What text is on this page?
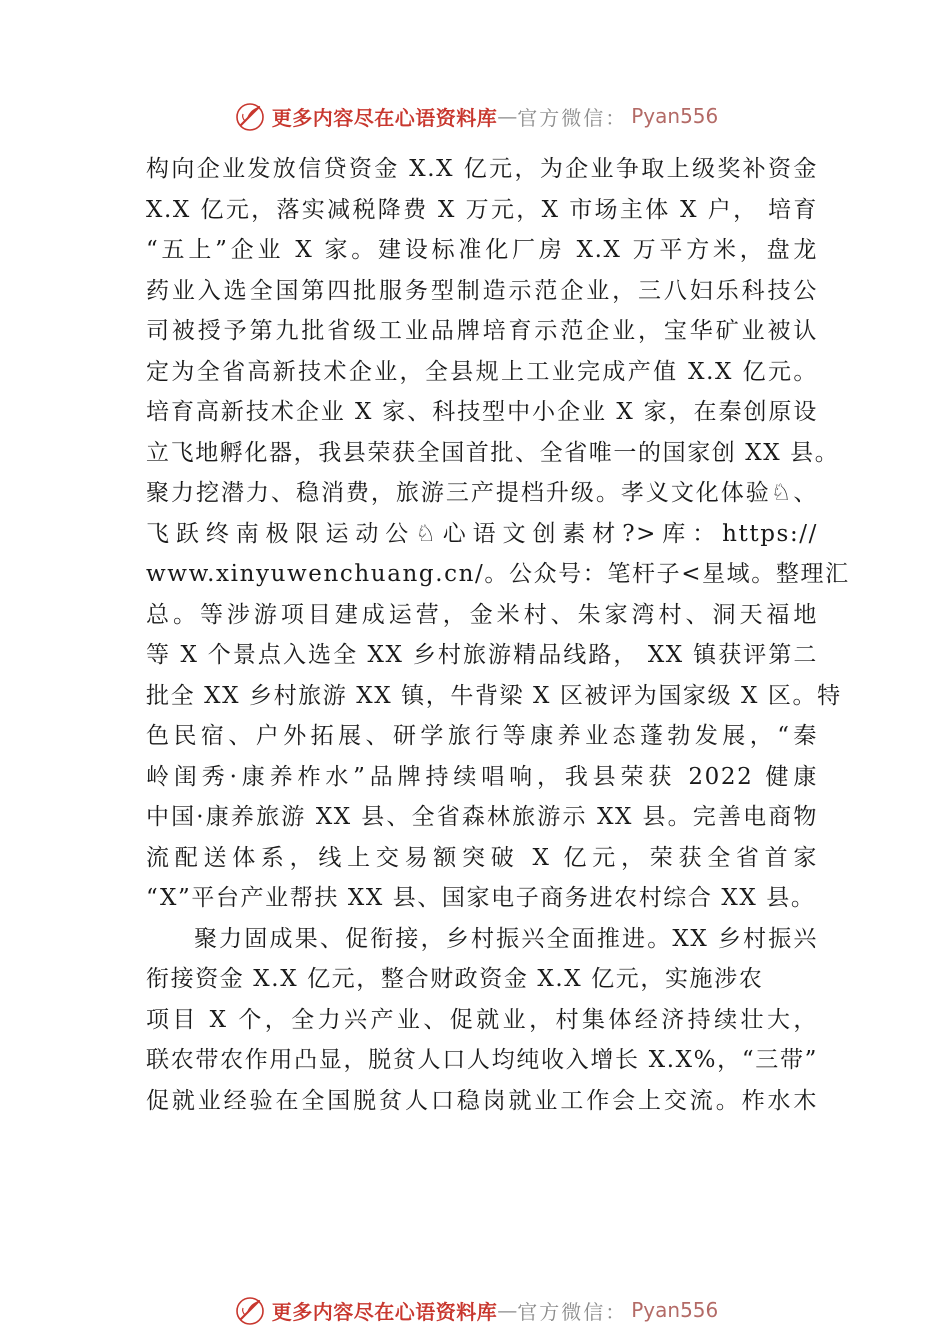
更多内容尽在心语资料库 — 官方微信： Pyan556
构向企业发放信贷资金 X.X 亿元，为企业争取上级奖补资金
X.X 亿元，落实减税降费 X 万元，X 市场主体 X 户， 培育
“五上”企业 X 家。建设标准化厂房 X.X 万平方米，盘龙
药业入选全国第四批服务型制造示范企业，三八妇乐科技公
司被授予第九批省级工业品牌培育示范企业，宝华矿业被认
定为全省高新技术企业，全县规上工业完成产值 X.X 亿元。
培育高新技术企业 X 家、科技型中小企业 X 家，在秦创原设
立飞地孵化器，我县荣获全国首批、全省唯一的国家创 XX 县。
聚力挖潜力、稳消费，旅游三产提档升级。孝义文化体验♘、
飞跃终南极限运动公♘心语文创素材?>库：https://
www.xinyuwenchuang.cn/。公众号：笔杆子<星域。整理汇
总。等涉游项目建成运营，金米村、朱家湾村、洞天福地
等 X 个景点入选全 XX 乡村旅游精品线路， XX 镇获评第二
批全 XX 乡村旅游 XX 镇，牛背梁 X 区被评为国家级 X 区。特
色民宿、户外拓展、研学旅行等康养业态蓬勃发展，“秦
岭闺秀·康养柞水”品牌持续唱响，我县荣获 2022 健康
中国·康养旅游 XX 县、全省森林旅游示 XX 县。完善电商物
流配送体系，线上交易额突破 X 亿元，荣获全省首家
“X”平台产业帮扶 XX 县、国家电子商务进农村综合 XX 县。
聚力固成果、促衔接，乡村振兴全面推进。XX 乡村振兴
衔接资金 X.X 亿元，整合财政资金 X.X 亿元，实施涉农
项目 X 个，全力兴产业、促就业，村集体经济持续壮大，
联农带农作用凸显，脱贫人口人均纯收入增长 X.X%，“三带”
促就业经验在全国脱贫人口稳岗就业工作会上交流。柞水木
更多内容尽在心语资料库 — 官方微信： Pyan556
